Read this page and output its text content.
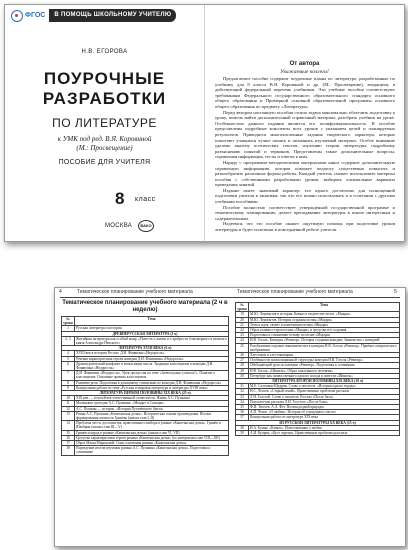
ФГОС	В ПОМОЩЬ ШКОЛЬНОМУ УЧИТЕЛЮ
Н.В. ЕГОРОВА
ПОУРОЧНЫЕ
РАЗРАБОТКИ
ПО ЛИТЕРАТУРЕ
к УМК под ред. В.Я. Коровиной
(М.: Просвещение)
ПОСОБИЕ ДЛЯ УЧИТЕЛЯ
8 класс
МОСКВА	ВАКО
От автора
Уважаемые коллеги!

Предлагаемое пособие содержит поурочные планы по литературе, разработанные по учебнику для 8 класса В.Я. Коровиной и др. (М.: Просвещение), входящему в действующий федеральный перечень учебников. Эти учебные пособия соответствуют требованиям Федерального государственного образовательного стандарта основного общего образования и Примерной основной образовательной программы основного общего образования по предмету «Литература».

Перед автором настоящего пособия стояла задача максимально облегчить подготовку к уроку, помочь найти дополнительный справочный материал, разобрать учебник на уроке. Особенностью данного издания является его полифункциональность. В пособие представлены подробные конспекты всех уроков с указанием целей и планируемых результатов. Приводятся многочисленные задания творческого характера, которые помогают учащимся лучше понять и запомнить изучаемый материал. Особое внимание уделено анализу поэтических текстов, изучению теории литературы, подробному разъяснению понятий и терминов. Представлены также дополнительные вопросы, справочная информация, тесты и ответы к ним.

Наряду с программно-методическими материалами книга содержит дополнительную справочную информацию, которая поможет педагогу существенно повысить и разнообразить различные формы работы. Каждый учитель сможет использовать материал пособия с собственными разработками уроков, выбирать оптимальные варианты проведения занятий.

Издание имеет значимый характер: его одного достаточно для полноценной подготовки учителя к занятиям, так что его можно использовать и в сочетании с другими учебными пособиями.

Пособие полностью соответствует утверждённой государственной программе и тематическому планированию, делает преподавание литературы в школе интересным и содержательным.

Надеемся, что это пособие окажет ощутимую помощь при подготовке уроков литературы и будет полезным в повседневной работе учителя.

4	Тематическое планирование учебного материала	Тематическое планирование учебного материала	5
Тематическое планирование учебного материала (2 ч в неделю)
№ урока	Тема
1	Русская литература и история
ДРЕВНЕРУССКАЯ ЛИТЕРАТУРА (2 ч)	
2, 3	Житийная литература как особый жанр. «Повесть о житии и о храбрости благоверного и великого князя Александра Невского»
ЛИТЕРАТУРА XVIII ВЕКА (6 ч)	
4	XVIII век в истории России. Д.И. Фонвизин «Недоросль»
5	Речевая характеристика героев комедии Д.И. Фонвизина «Недоросль»
6	Драматургический конфликт и композиция пьесы. Традиции классицизма в комедии Д.И. Фонвизина «Недоросль»
7	Д.И. Фонвизин «Недоросль». Урок-дискуссия по теме «Зачем нужно учиться?». Понятие о классицизме. Основные правила классицизма
8	Развитие речи. Подготовка к домашнему сочинению по комедии Д.И. Фонвизина «Недоросль»
9	Контрольная работа по теме «Русская и мировая литература и литература XVIII века»
ЛИТЕРАТУРА ПЕРВОЙ ПОЛОВИНЫ XIX ВЕКА (25 ч)	
10	XIX век — золотой век отечественной словесности. Жизнь А.С. Пушкина
11	Маленькие трагедии А.С. Пушкина. «Моцарт и Сальери»
12	А.С. Пушкин — историк. «История Пугачёвского бунта»
13	Роман А.С. Пушкина «Капитанская дочка». Историческая основа произведения. Истоки формирования личности Гринёва (анализ глав I, II)
14	Проблема чести, достоинства, нравственного выбора в романе «Капитанская дочка». Гринёв и Швабрин (анализ глав III—V)
15	Гринёв и народ в романе «Капитанская дочка» (анализ глав VI, VII)
16	Средства характеристики героев романа «Капитанская дочка» (по материалам глав VIII—XII)
17	Образ Маши Мироновой. Смысл названия романа «Капитанская дочка»
18	Подведение итогов изучения романа А.С. Пушкина «Капитанская дочка». Подготовка к сочинению
№ урока	Тема
19	М.Ю. Лермонтов и история. Кавказ в творчестве поэта. «Мцыри»
20	М.Ю. Лермонтов. История создания поэмы «Мцыри»
21	Тема и идея, сюжет и композиция поэмы «Мцыри»
22	Образ главного героя поэмы «Мцыри» и средства его создания
23	Подготовка к сочинению-отзыву по поэме «Мцыри»
24	Н.В. Гоголь. Комедия «Ревизор». История создания комедии. Знакомство с комедией
25	Разоблачение пороков чиновничества в комедии Н.В. Гоголя «Ревизор». Приёмы сатирического изображения
26	Хлестаков и хлестаковщина
27	Особенности композиционной структуры комедии Н.В. Гоголя «Ревизор»
28	Обобщающий урок по комедии «Ревизор». Подготовка к сочинению
29	Н.В. Гоголь. «Шинель». Образ «маленького человека»
30	Петербург как символ вечного адского холода в повести «Шинель»
ЛИТЕРАТУРА ВТОРОЙ ПОЛОВИНЫ XIX ВЕКА (10 ч)	
31	М.Е. Салтыков-Щедрин. Слово о писателе. «История одного города»
32	Н.С. Лесков. «Старый гений». Нравственные проблемы рассказа
33	Л.Н. Толстой. Слово о писателе. Рассказ «После бала»
34	Психологизм рассказа Л.Н. Толстого «После бала»
35	Ф.И. Тютчев, А.А. Фет. Поэзия родной природы
36	А.П. Чехов. «О любви». История об упущенном счастье
37	Контрольная работа по литературе XIX века
ИЗ РУССКОЙ ЛИТЕРАТУРЫ XX ВЕКА (15 ч)	
38	И.А. Бунин. «Кавказ». Повествование о любви
39	А.И. Куприн. «Куст сирени». Нравственные проблемы рассказа
